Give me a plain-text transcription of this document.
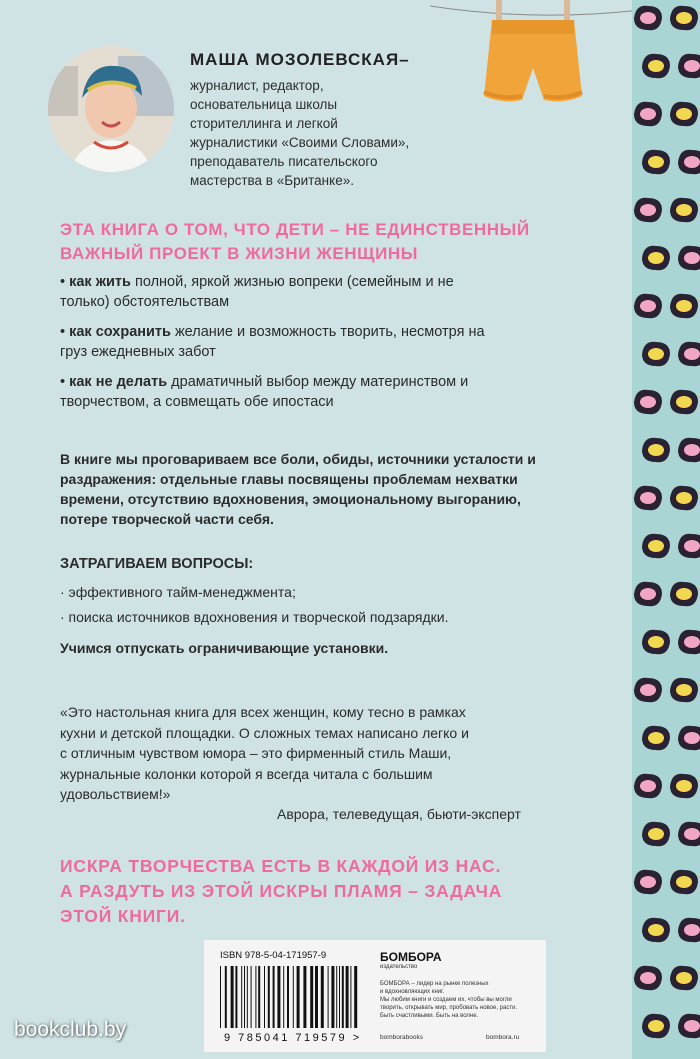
МАША МОЗОЛЕВСКАЯ–
журналист, редактор,
основательница школы
сторителлинга и легкой
журналистики «Своими Словами»,
преподаватель писательского
мастерства в «Британке».
ЭТА КНИГА О ТОМ, ЧТО ДЕТИ – НЕ ЕДИНСТВЕННЫЙ
ВАЖНЫЙ ПРОЕКТ В ЖИЗНИ ЖЕНЩИНЫ
• как жить полной, яркой жизнью вопреки (семейным и не
только) обстоятельствам
• как сохранить желание и возможность творить, несмотря на
груз ежедневных забот
• как не делать драматичный выбор между материнством и
творчеством, а совмещать обе ипостаси
В книге мы проговариваем все боли, обиды, источники усталости и
раздражения: отдельные главы посвящены проблемам нехватки
времени, отсутствию вдохновения, эмоциональному выгоранию,
потере творческой части себя.
ЗАТРАГИВАЕМ ВОПРОСЫ:
· эффективного тайм-менеджмента;
· поиска источников вдохновения и творческой подзарядки.
Учимся отпускать ограничивающие установки.
«Это настольная книга для всех женщин, кому тесно в рамках
кухни и детской площадки. О сложных темах написано легко и
с отличным чувством юмора – это фирменный стиль Маши,
журнальные колонки которой я всегда читала с большим
удовольствием!»
Аврора, телеведущая, бьюти-эксперт
ИСКРА ТВОРЧЕСТВА ЕСТЬ В КАЖДОЙ ИЗ НАС.
А РАЗДУТЬ ИЗ ЭТОЙ ИСКРЫ ПЛАМЯ – ЗАДАЧА
ЭТОЙ КНИГИ.
ISBN 978-5-04-171957-9
9 785041 719579 >
БОМБОРА
издательство
БОМБОРА – лидер на рынке полезных
и вдохновляющих книг.
Мы любим книги и создаем их, чтобы вы могли
творить, открывать мир, пробовать новое, расти.
Быть счастливыми. Быть на волне.
bomborabooks	bombora.ru
bookclub.by
